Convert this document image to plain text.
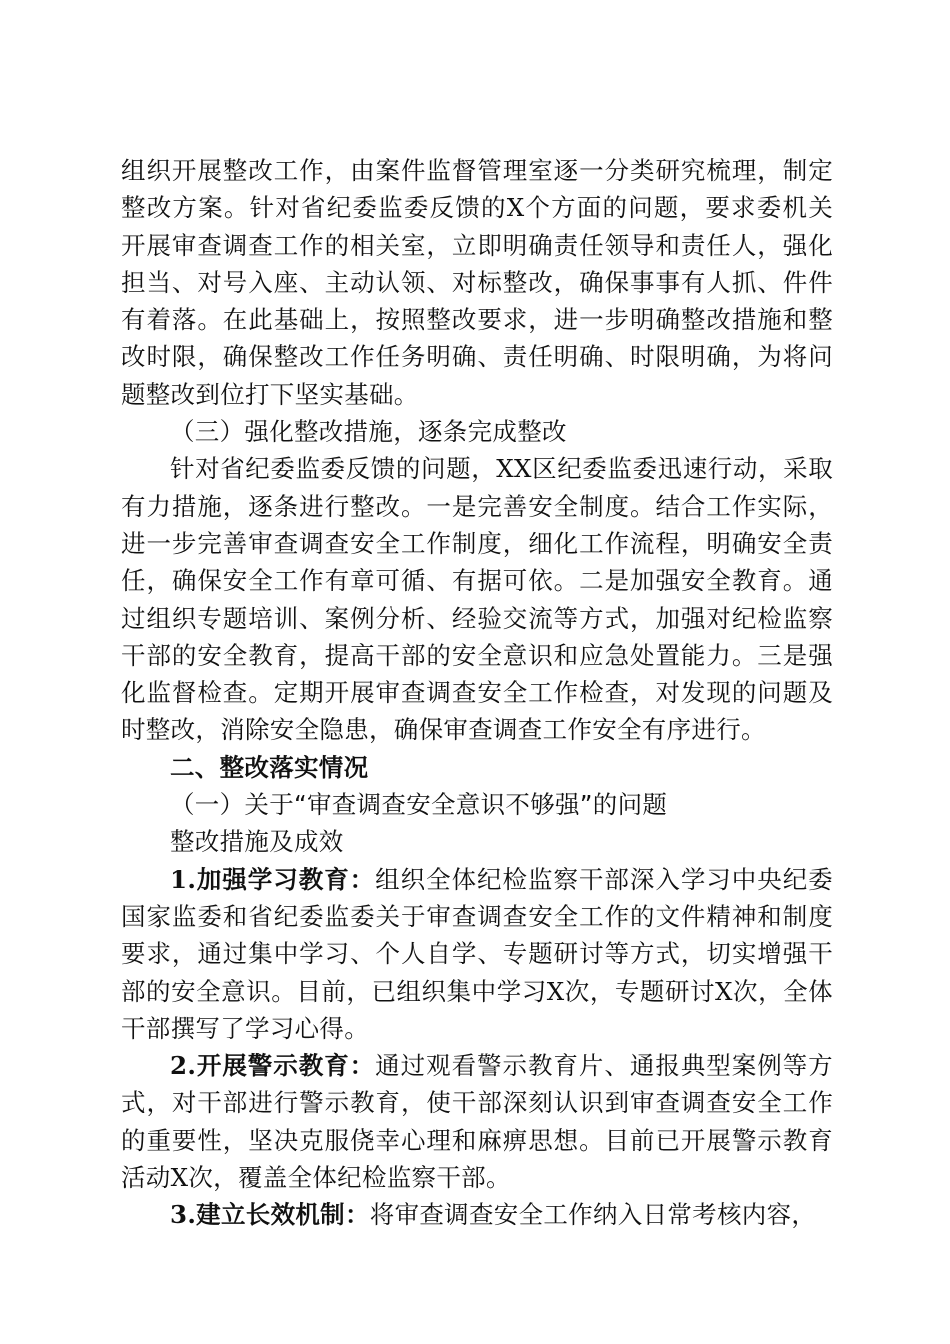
组织开展整改工作，由案件监督管理室逐一分类研究梳理，制定整改方案。针对省纪委监委反馈的X个方面的问题，要求委机关开展审查调查工作的相关室，立即明确责任领导和责任人，强化担当、对号入座、主动认领、对标整改，确保事事有人抓、件件有着落。在此基础上，按照整改要求，进一步明确整改措施和整改时限，确保整改工作任务明确、责任明确、时限明确，为将问题整改到位打下坚实基础。

（三）强化整改措施，逐条完成整改

针对省纪委监委反馈的问题，XX区纪委监委迅速行动，采取有力措施，逐条进行整改。一是完善安全制度。结合工作实际，进一步完善审查调查安全工作制度，细化工作流程，明确安全责任，确保安全工作有章可循、有据可依。二是加强安全教育。通过组织专题培训、案例分析、经验交流等方式，加强对纪检监察干部的安全教育，提高干部的安全意识和应急处置能力。三是强化监督检查。定期开展审查调查安全工作检查，对发现的问题及时整改，消除安全隐患，确保审查调查工作安全有序进行。

二、整改落实情况

（一）关于“审查调查安全意识不够强”的问题

整改措施及成效

1.加强学习教育：组织全体纪检监察干部深入学习中央纪委国家监委和省纪委监委关于审查调查安全工作的文件精神和制度要求，通过集中学习、个人自学、专题研讨等方式，切实增强干部的安全意识。目前，已组织集中学习X次，专题研讨X次，全体干部撰写了学习心得。

2.开展警示教育：通过观看警示教育片、通报典型案例等方式，对干部进行警示教育，使干部深刻认识到审查调查安全工作的重要性，坚决克服侥幸心理和麻痹思想。目前已开展警示教育活动X次，覆盖全体纪检监察干部。

3.建立长效机制：将审查调查安全工作纳入日常考核内容，
